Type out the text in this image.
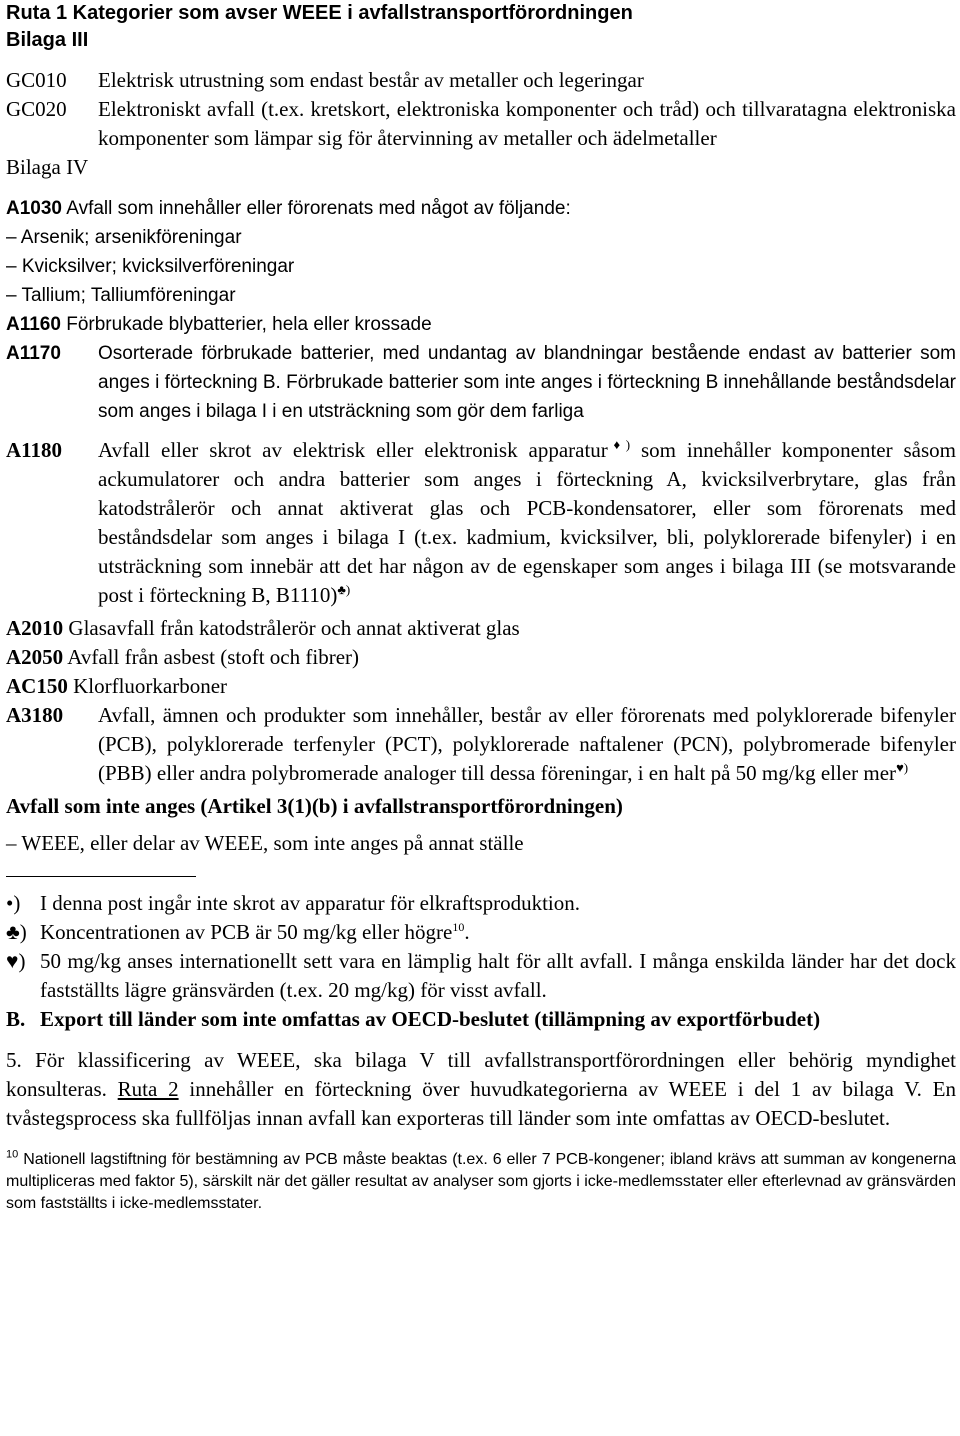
Ruta 1 Kategorier som avser WEEE i avfallstransportförordningen
Bilaga III
GC010 Elektrisk utrustning som endast består av metaller och legeringar
GC020 Elektroniskt avfall (t.ex. kretskort, elektroniska komponenter och tråd) och tillvaratagna elektroniska komponenter som lämpar sig för återvinning av metaller och ädelmetaller
Bilaga IV
A1030 Avfall som innehåller eller förorenats med något av följande:
– Arsenik; arsenikföreningar
– Kvicksilver; kvicksilverföreningar
– Tallium; Talliumföreningar
A1160 Förbrukade blybatterier, hela eller krossade
A1170 Osorterade förbrukade batterier, med undantag av blandningar bestående endast av batterier som anges i förteckning B. Förbrukade batterier som inte anges i förteckning B innehållande beståndsdelar som anges i bilaga I i en utsträckning som gör dem farliga
A1180 Avfall eller skrot av elektrisk eller elektronisk apparatur♦) som innehåller komponenter såsom ackumulatorer och andra batterier som anges i förteckning A, kvicksilverbrytare, glas från katodstrålerör och annat aktiverat glas och PCB-kondensatorer, eller som förorenats med beståndsdelar som anges i bilaga I (t.ex. kadmium, kvicksilver, bli, polyklorerade bifenyler) i en utsträckning som innebär att det har någon av de egenskaper som anges i bilaga III (se motsvarande post i förteckning B, B1110)♣)
A2010 Glasavfall från katodstrålerör och annat aktiverat glas
A2050 Avfall från asbest (stoft och fibrer)
AC150 Klorfluorkarboner
A3180 Avfall, ämnen och produkter som innehåller, består av eller förorenats med polyklorerade bifenyler (PCB), polyklorerade terfenyler (PCT), polyklorerade naftalener (PCN), polybromerade bifenyler (PBB) eller andra polybromerade analoger till dessa föreningar, i en halt på 50 mg/kg eller mer♥)
Avfall som inte anges (Artikel 3(1)(b) i avfallstransportförordningen)
– WEEE, eller delar av WEEE, som inte anges på annat ställe
•) I denna post ingår inte skrot av apparatur för elkraftsproduktion.
♣) Koncentrationen av PCB är 50 mg/kg eller högre$^{10}$.
♥) 50 mg/kg anses internationellt sett vara en lämplig halt för allt avfall. I många enskilda länder har det dock fastställts lägre gränsvärden (t.ex. 20 mg/kg) för visst avfall.
B. Export till länder som inte omfattas av OECD-beslutet (tillämpning av exportförbudet)
5. För klassificering av WEEE, ska bilaga V till avfallstransportförordningen eller behörig myndighet konsulteras. Ruta 2 innehåller en förteckning över huvudkategorierna av WEEE i del 1 av bilaga V. En tvåstegsprocess ska fullföljas innan avfall kan exporteras till länder som inte omfattas av OECD-beslutet.
$^{10}$ Nationell lagstiftning för bestämning av PCB måste beaktas (t.ex. 6 eller 7 PCB-kongener; ibland krävs att summan av kongenerna multipliceras med faktor 5), särskilt när det gäller resultat av analyser som gjorts i icke-medlemsstater eller efterlevnad av gränsvärden som fastställts i icke-medlemsstater.
